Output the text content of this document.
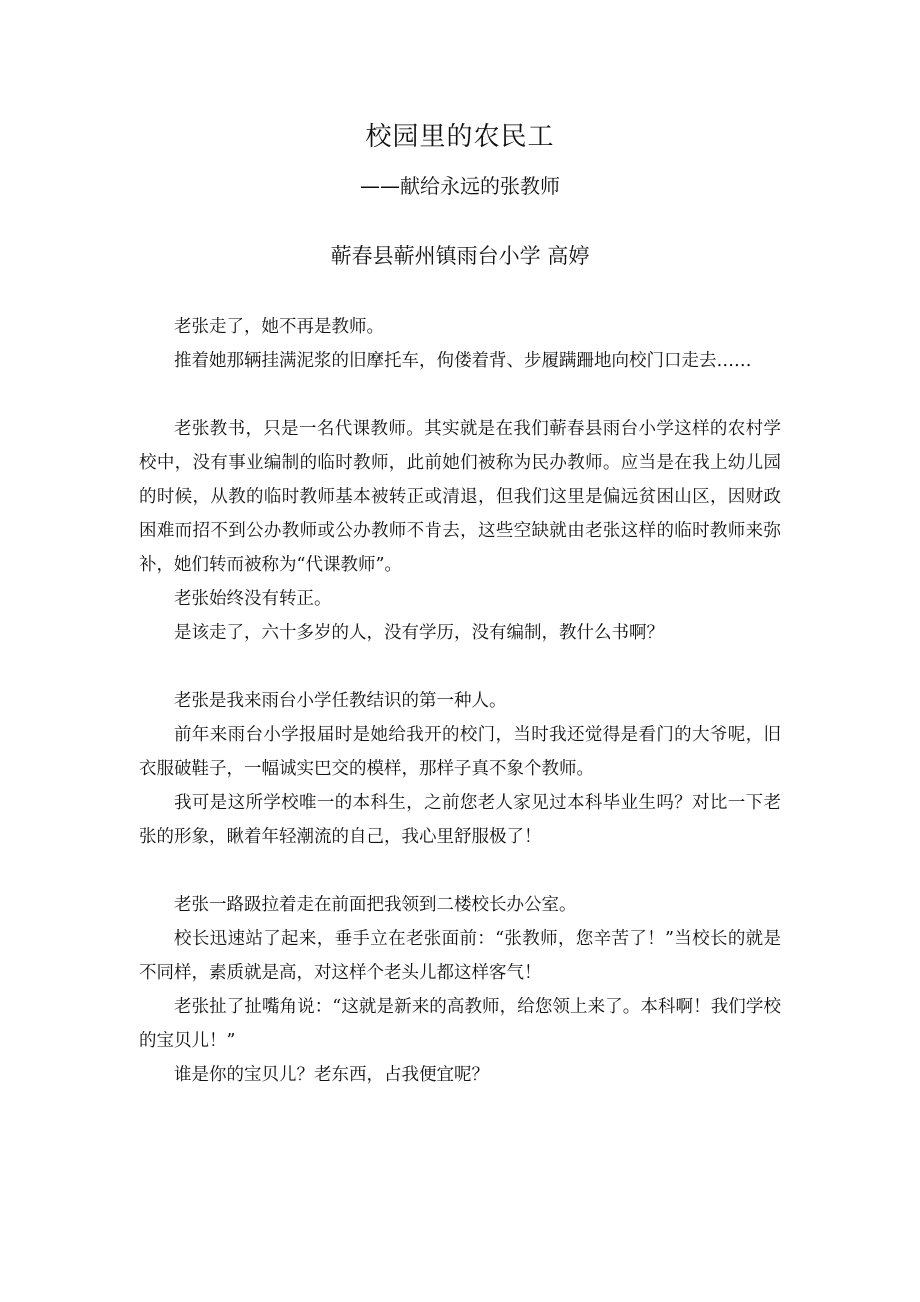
校园里的农民工
——献给永远的张教师
蕲春县蕲州镇雨台小学 高婷

老张走了，她不再是教师。

推着她那辆挂满泥浆的旧摩托车，佝偻着背、步履蹒跚地向校门口走去……

老张教书，只是一名代课教师。其实就是在我们蕲春县雨台小学这样的农村学校中，没有事业编制的临时教师，此前她们被称为民办教师。应当是在我上幼儿园的时候，从教的临时教师基本被转正或清退，但我们这里是偏远贫困山区，因财政困难而招不到公办教师或公办教师不肯去，这些空缺就由老张这样的临时教师来弥补，她们转而被称为“代课教师”。

老张始终没有转正。

是该走了，六十多岁的人，没有学历，没有编制，教什么书啊？

老张是我来雨台小学任教结识的第一种人。

前年来雨台小学报届时是她给我开的校门，当时我还觉得是看门的大爷呢，旧衣服破鞋子，一幅诚实巴交的模样，那样子真不象个教师。

我可是这所学校唯一的本科生，之前您老人家见过本科毕业生吗？对比一下老张的形象，瞅着年轻潮流的自己，我心里舒服极了！

老张一路趿拉着走在前面把我领到二楼校长办公室。

校长迅速站了起来，垂手立在老张面前：“张教师，您辛苦了！”当校长的就是不同样，素质就是高，对这样个老头儿都这样客气！

老张扯了扯嘴角说：“这就是新来的高教师，给您领上来了。本科啊！我们学校的宝贝儿！”

谁是你的宝贝儿？老东西，占我便宜呢？
